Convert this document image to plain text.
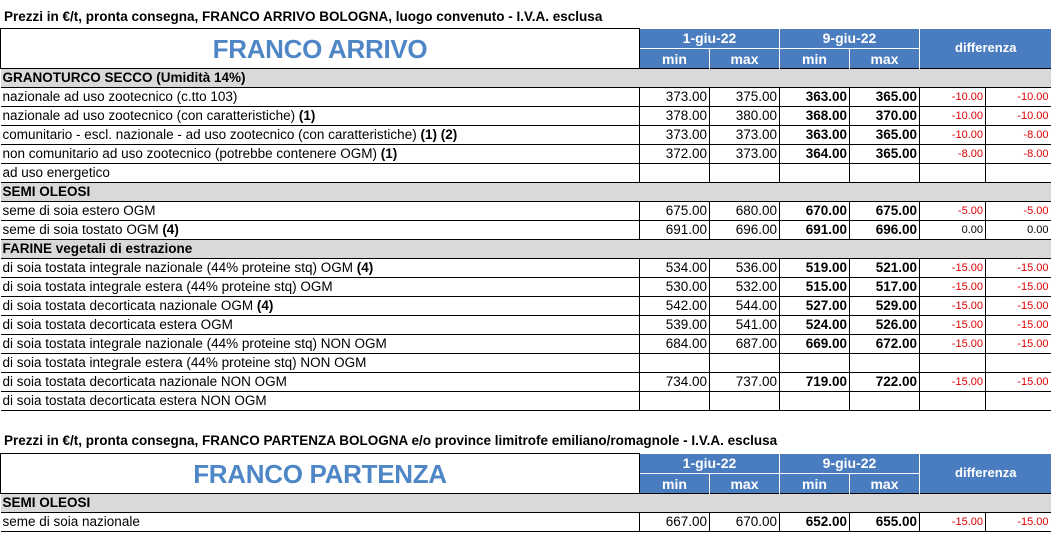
Prezzi in €/t, pronta consegna, FRANCO ARRIVO BOLOGNA, luogo convenuto - I.V.A. esclusa
FRANCO ARRIVO	1-giu-22		9-giu-22		differenza	
	min	max	min	max		
GRANOTURCO SECCO (Umidità 14%)						
nazionale ad uso zootecnico (c.tto 103)	373.00	375.00	363.00	365.00	-10.00	-10.00
nazionale ad uso zootecnico (con caratteristiche) (1)	378.00	380.00	368.00	370.00	-10.00	-10.00
comunitario - escl. nazionale - ad uso zootecnico (con caratteristiche) (1) (2)	373.00	373.00	363.00	365.00	-10.00	-8.00
non comunitario ad uso zootecnico (potrebbe contenere OGM) (1)	372.00	373.00	364.00	365.00	-8.00	-8.00
ad uso energetico						
SEMI OLEOSI						
seme di soia estero OGM	675.00	680.00	670.00	675.00	-5.00	-5.00
seme di soia tostato OGM (4)	691.00	696.00	691.00	696.00	0.00	0.00
FARINE vegetali di estrazione						
di soia tostata integrale nazionale (44% proteine stq) OGM (4)	534.00	536.00	519.00	521.00	-15.00	-15.00
di soia tostata integrale estera (44% proteine stq) OGM	530.00	532.00	515.00	517.00	-15.00	-15.00
di soia tostata decorticata nazionale OGM (4)	542.00	544.00	527.00	529.00	-15.00	-15.00
di soia tostata decorticata estera OGM	539.00	541.00	524.00	526.00	-15.00	-15.00
di soia tostata integrale nazionale (44% proteine stq) NON OGM	684.00	687.00	669.00	672.00	-15.00	-15.00
di soia tostata integrale estera (44% proteine stq) NON OGM						
di soia tostata decorticata nazionale NON OGM	734.00	737.00	719.00	722.00	-15.00	-15.00
di soia tostata decorticata estera NON OGM						
Prezzi in €/t, pronta consegna, FRANCO PARTENZA BOLOGNA e/o province limitrofe emiliano/romagnole - I.V.A. esclusa
FRANCO PARTENZA	1-giu-22		9-giu-22		differenza	
	min	max	min	max		
SEMI OLEOSI						
seme di soia nazionale	667.00	670.00	652.00	655.00	-15.00	-15.00
